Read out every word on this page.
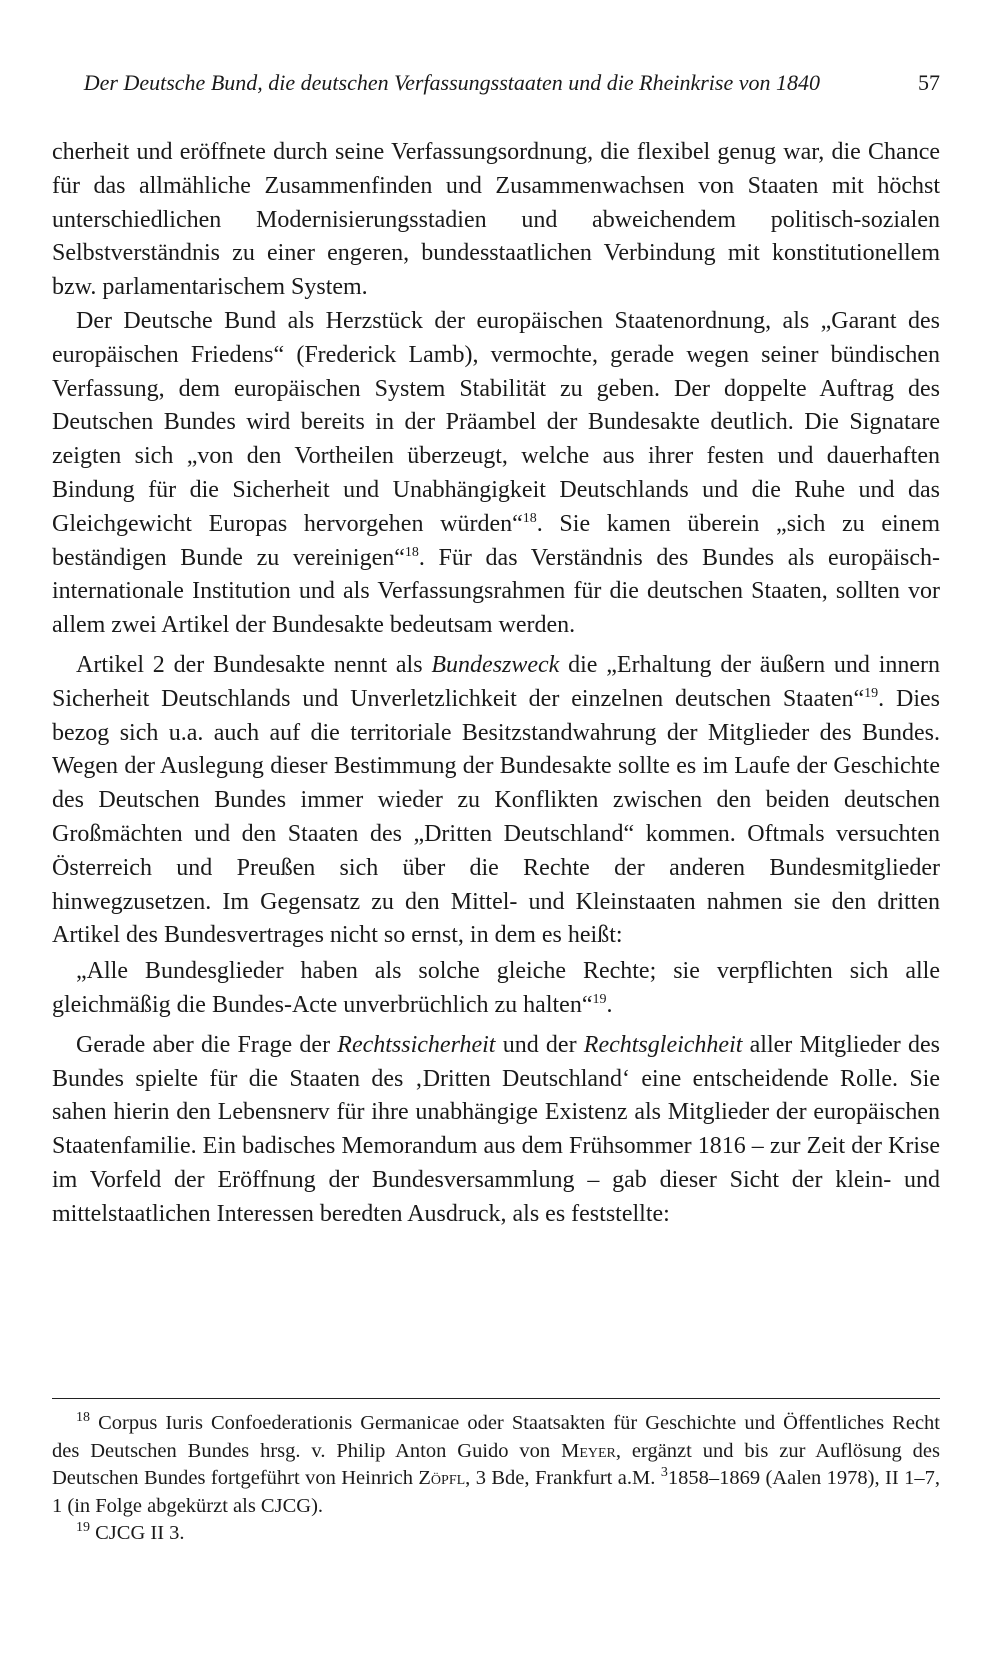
Der Deutsche Bund, die deutschen Verfassungsstaaten und die Rheinkrise von 1840	57

cherheit und eröffnete durch seine Verfassungsordnung, die flexibel genug war, die Chance für das allmähliche Zusammenfinden und Zusammenwachsen von Staaten mit höchst unterschiedlichen Modernisierungsstadien und abweichendem politisch-sozialen Selbstverständnis zu einer engeren, bundesstaatlichen Verbindung mit konstitutionellem bzw. parlamentarischem System.

Der Deutsche Bund als Herzstück der europäischen Staatenordnung, als „Garant des europäischen Friedens“ (Frederick Lamb), vermochte, gerade wegen seiner bündischen Verfassung, dem europäischen System Stabilität zu geben. Der doppelte Auftrag des Deutschen Bundes wird bereits in der Präambel der Bundesakte deutlich. Die Signatare zeigten sich „von den Vortheilen überzeugt, welche aus ihrer festen und dauerhaften Bindung für die Sicherheit und Unabhängigkeit Deutschlands und die Ruhe und das Gleichgewicht Europas hervorgehen würden“$^{18}$. Sie kamen überein „sich zu einem beständigen Bunde zu vereinigen“$^{18}$. Für das Verständnis des Bundes als europäisch-internationale Institution und als Verfassungsrahmen für die deutschen Staaten, sollten vor allem zwei Artikel der Bundesakte bedeutsam werden.

Artikel 2 der Bundesakte nennt als Bundeszweck die „Erhaltung der äußern und innern Sicherheit Deutschlands und Unverletzlichkeit der einzelnen deutschen Staaten“$^{19}$. Dies bezog sich u.a. auch auf die territoriale Besitzstandwahrung der Mitglieder des Bundes. Wegen der Auslegung dieser Bestimmung der Bundesakte sollte es im Laufe der Geschichte des Deutschen Bundes immer wieder zu Konflikten zwischen den beiden deutschen Großmächten und den Staaten des „Dritten Deutschland“ kommen. Oftmals versuchten Österreich und Preußen sich über die Rechte der anderen Bundesmitglieder hinwegzusetzen. Im Gegensatz zu den Mittel- und Kleinstaaten nahmen sie den dritten Artikel des Bundesvertrages nicht so ernst, in dem es heißt:

„Alle Bundesglieder haben als solche gleiche Rechte; sie verpflichten sich alle gleichmäßig die Bundes-Acte unverbrüchlich zu halten“$^{19}$.

Gerade aber die Frage der Rechtssicherheit und der Rechtsgleichheit aller Mitglieder des Bundes spielte für die Staaten des ‚Dritten Deutschland‘ eine entscheidende Rolle. Sie sahen hierin den Lebensnerv für ihre unabhängige Existenz als Mitglieder der europäischen Staatenfamilie. Ein badisches Memorandum aus dem Frühsommer 1816 – zur Zeit der Krise im Vorfeld der Eröffnung der Bundesversammlung – gab dieser Sicht der klein- und mittelstaatlichen Interessen beredten Ausdruck, als es feststellte:

$^{18}$ Corpus Iuris Confoederationis Germanicae oder Staatsakten für Geschichte und Öffentliches Recht des Deutschen Bundes hrsg. v. Philip Anton Guido von Meyer, ergänzt und bis zur Auflösung des Deutschen Bundes fortgeführt von Heinrich Zöpfl, 3 Bde, Frankfurt a.M. $^3$1858–1869 (Aalen 1978), II 1–7, 1 (in Folge abgekürzt als CJCG).

$^{19}$ CJCG II 3.
